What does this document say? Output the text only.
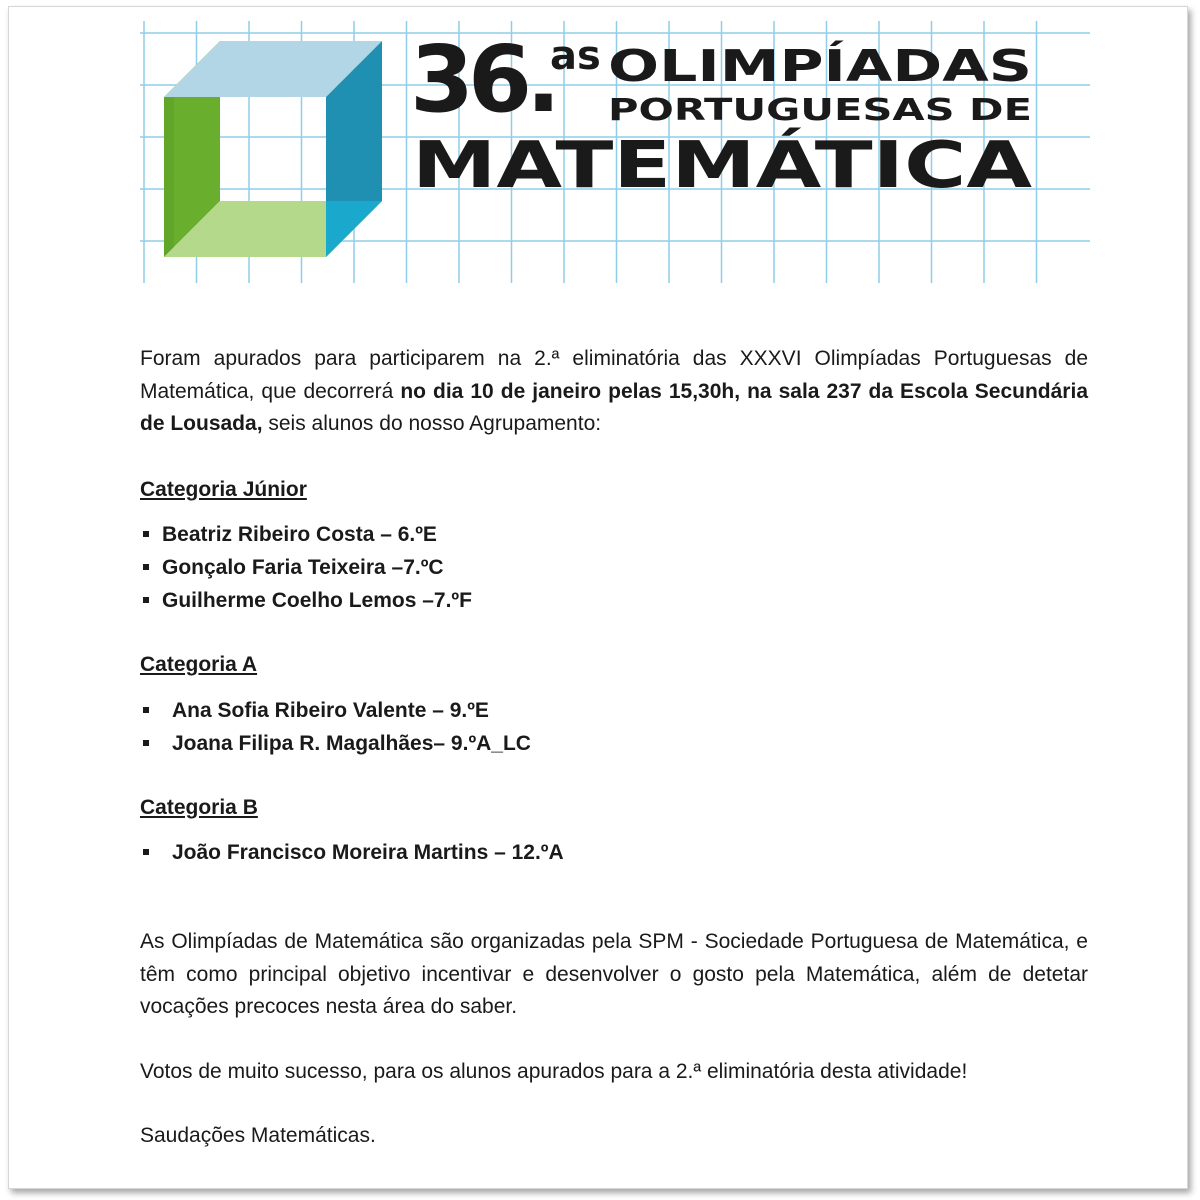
36.
as OLIMPÍADAS
PORTUGUESAS DE
MATEMÁTICA

Foram apurados para participarem na 2.ª eliminatória das XXXVI Olimpíadas Portuguesas de Matemática, que decorrerá no dia 10 de janeiro pelas 15,30h, na sala 237 da Escola Secundária de Lousada, seis alunos do nosso Agrupamento:

Categoria Júnior

Beatriz Ribeiro Costa – 6.ºE
Gonçalo Faria Teixeira –7.ºC
Guilherme Coelho Lemos –7.ºF

Categoria A

Ana Sofia Ribeiro Valente – 9.ºE
Joana Filipa R. Magalhães– 9.ºA_LC

Categoria B

João Francisco Moreira Martins – 12.ºA

As Olimpíadas de Matemática são organizadas pela SPM - Sociedade Portuguesa de Matemática, e têm como principal objetivo incentivar e desenvolver o gosto pela Matemática, além de detetar vocações precoces nesta área do saber.

Votos de muito sucesso, para os alunos apurados para a 2.ª eliminatória desta atividade!

Saudações Matemáticas.
